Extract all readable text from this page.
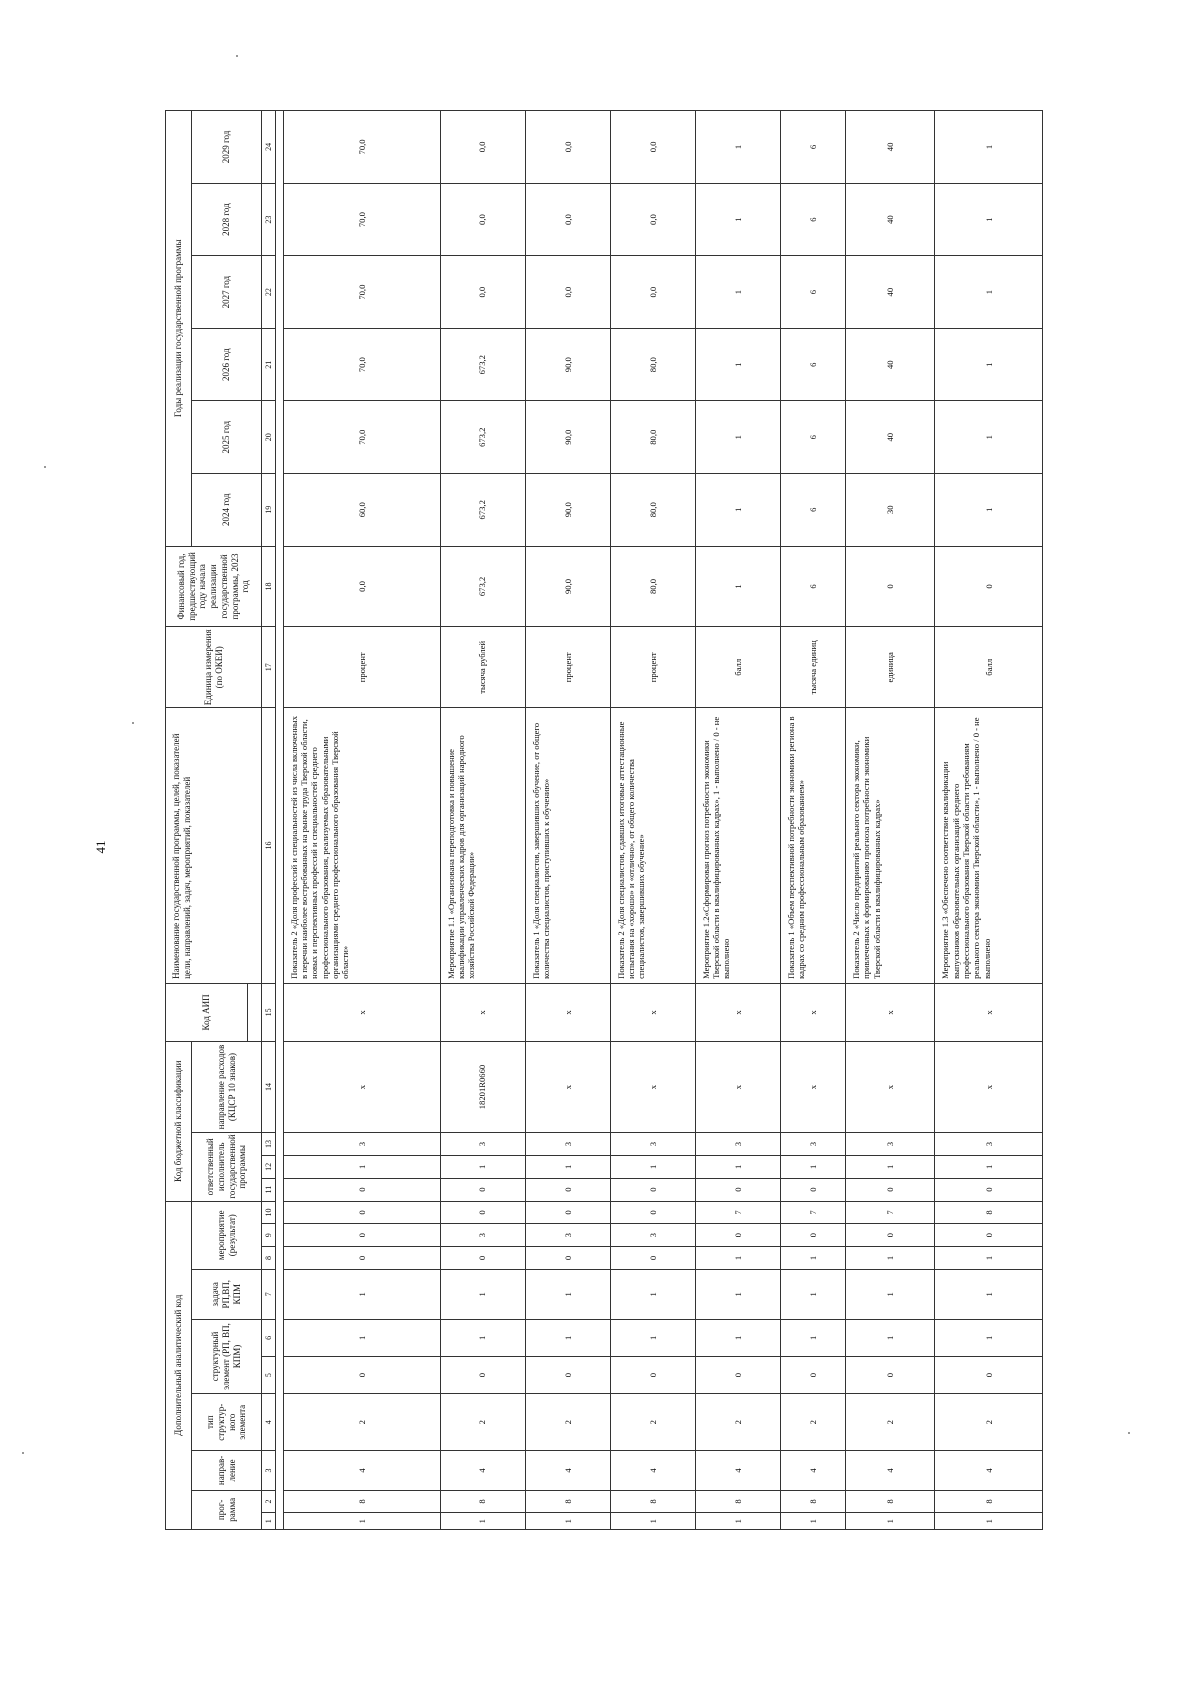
41
Дополнительный аналитический код										Код бюджетной классификации				Код АИП	Наименование государственной программы, целей, показателей цели, направлений, задач, мероприятий, показателей	Единица измерения (по ОКЕИ)	Финансовый год, предшествующий году начала реализации государственной программы, 2023 год	Годы реализации государственной программы					
прог-рамма		направ-ление	тип структур-ного элемента	структурный элемент (РП, ВП, КПМ)		задача РП,ВП, КПМ	мероприятие (результат)			ответственный исполнитель государственной программы			направление расходов (КЦСР 10 знаков)					2024 год	2025 год	2026 год	2027 год	2028 год	2029 год

1	2	3	4	5	6	7	8	9	10	11	12	13	14	15	16	17	18	19	20	21	22	23	24

1	8	4	2	0	1	1	0	0	0	0	1	3	x	x	Показатель 2 «Доля профессий и специальностей из числа включенных в перечни наиболее востребованных на рынке труда Тверской области, новых и перспективных профессий и специальностей среднего профессионального образования, реализуемых образовательными организациями среднего профессионального образования Тверской области»	процент	0,0	60,0	70,0	70,0	70,0	70,0	70,0
1	8	4	2	0	1	1	0	3	0	0	1	3	18201R0660	x	Мероприятие 1.1 «Организована переподготовка и повышение квалификации управленческих кадров для организаций народного хозяйства Российской Федерации»	тысяча рублей	673,2	673,2	673,2	673,2	0,0	0,0	0,0
1	8	4	2	0	1	1	0	3	0	0	1	3	x	x	Показатель 1 «Доля специалистов, завершивших обучение, от общего количества специалистов, приступивших к обучению»	процент	90,0	90,0	90,0	90,0	0,0	0,0	0,0
1	8	4	2	0	1	1	0	3	0	0	1	3	x	x	Показатель 2 «Доля специалистов, сдавших итоговые аттестационные испытания на «хорошо» и «отлично», от общего количества специалистов, завершивших обучение»	процент	80,0	80,0	80,0	80,0	0,0	0,0	0,0
1	8	4	2	0	1	1	1	0	7	0	1	3	x	x	Мероприятие 1.2«Сформирован прогноз потребности экономики Тверской области в квалифицированных кадрах», 1 - выполнено / 0 - не выполнено	балл	1	1	1	1	1	1	1
1	8	4	2	0	1	1	1	0	7	0	1	3	x	x	Показатель 1 «Объем перспективной потребности экономики региона в кадрах со средним профессиональным образованием»	тысяча единиц	6	6	6	6	6	6	6
1	8	4	2	0	1	1	1	0	7	0	1	3	x	x	Показатель 2 «Число предприятий реального сектора экономики, привлеченных к формированию прогноза потребности экономики Тверской области в квалифицированных кадрах»	единица	0	30	40	40	40	40	40
1	8	4	2	0	1	1	1	0	8	0	1	3	x	x	Мероприятие 1.3 «Обеспечено соответствие квалификации выпускников образовательных организаций среднего профессионального образования Тверской области требованиям реального сектора экономики Тверской области», 1 - выполнено / 0 - не выполнено	балл	0	1	1	1	1	1	1
